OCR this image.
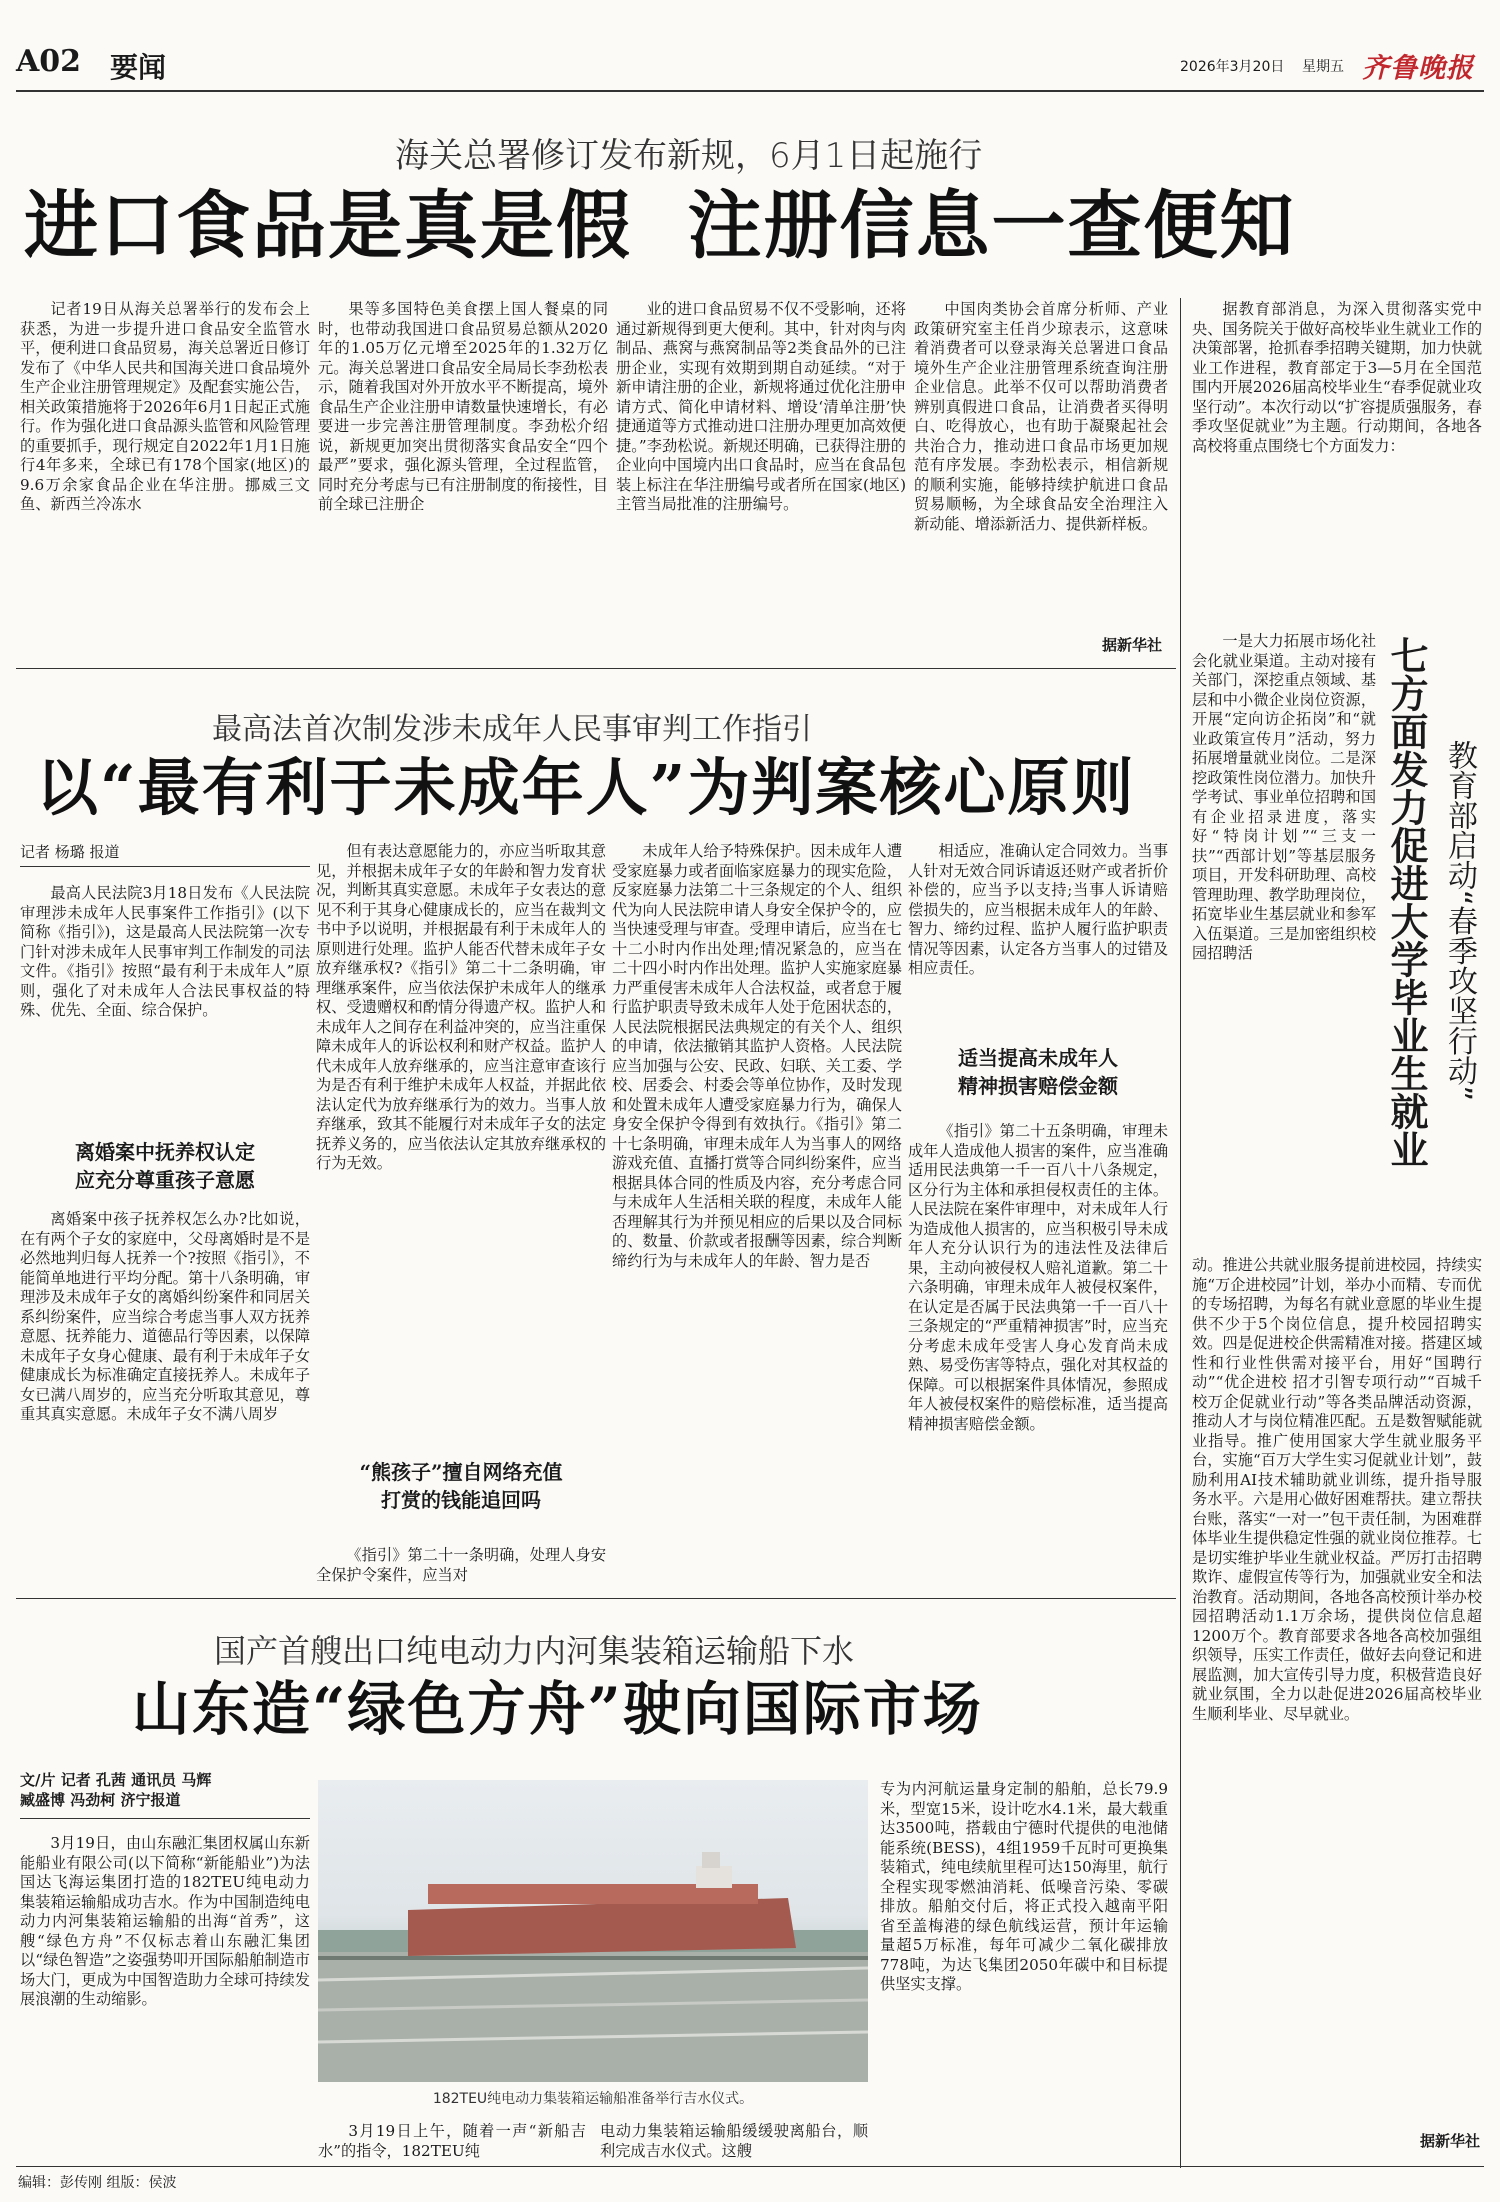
A02 要闻	2026年3月20日 星期五 齐鲁晚报
海关总署修订发布新规，6月1日起施行
进口食品是真是假  注册信息一查便知

记者19日从海关总署举行的发布会上获悉，为进一步提升进口食品安全监管水平，便利进口食品贸易，海关总署近日修订发布了《中华人民共和国海关进口食品境外生产企业注册管理规定》及配套实施公告，相关政策措施将于2026年6月1日起正式施行。作为强化进口食品源头监管和风险管理的重要抓手，现行规定自2022年1月1日施行4年多来，全球已有178个国家(地区)的9.6万余家食品企业在华注册。挪威三文鱼、新西兰冷冻水

果等多国特色美食摆上国人餐桌的同时，也带动我国进口食品贸易总额从2020年的1.05万亿元增至2025年的1.32万亿元。海关总署进口食品安全局局长李劲松表示，随着我国对外开放水平不断提高，境外食品生产企业注册申请数量快速增长，有必要进一步完善注册管理制度。李劲松介绍说，新规更加突出贯彻落实食品安全“四个最严”要求，强化源头管理，全过程监管，同时充分考虑与已有注册制度的衔接性，目前全球已注册企

业的进口食品贸易不仅不受影响，还将通过新规得到更大便利。其中，针对肉与肉制品、燕窝与燕窝制品等2类食品外的已注册企业，实现有效期到期自动延续。“对于新申请注册的企业，新规将通过优化注册申请方式、简化申请材料、增设‘清单注册’快捷通道等方式推动进口注册办理更加高效便捷。”李劲松说。新规还明确，已获得注册的企业向中国境内出口食品时，应当在食品包装上标注在华注册编号或者所在国家(地区)主管当局批准的注册编号。

中国肉类协会首席分析师、产业政策研究室主任肖少琼表示，这意味着消费者可以登录海关总署进口食品境外生产企业注册管理系统查询注册企业信息。此举不仅可以帮助消费者辨别真假进口食品，让消费者买得明白、吃得放心，也有助于凝聚起社会共治合力，推动进口食品市场更加规范有序发展。李劲松表示，相信新规的顺利实施，能够持续护航进口食品贸易顺畅，为全球食品安全治理注入新动能、增添新活力、提供新样板。

据新华社
最高法首次制发涉未成年人民事审判工作指引
以“最有利于未成年人”为判案核心原则
记者 杨璐 报道

最高人民法院3月18日发布《人民法院审理涉未成年人民事案件工作指引》(以下简称《指引》)，这是最高人民法院第一次专门针对涉未成年人民事审判工作制发的司法文件。《指引》按照“最有利于未成年人”原则，强化了对未成年人合法民事权益的特殊、优先、全面、综合保护。

离婚案中抚养权认定
应充分尊重孩子意愿

离婚案中孩子抚养权怎么办?比如说，在有两个子女的家庭中，父母离婚时是不是必然地判归每人抚养一个?按照《指引》，不能简单地进行平均分配。第十八条明确，审理涉及未成年子女的离婚纠纷案件和同居关系纠纷案件，应当综合考虑当事人双方抚养意愿、抚养能力、道德品行等因素，以保障未成年子女身心健康、最有利于未成年子女健康成长为标准确定直接抚养人。未成年子女已满八周岁的，应当充分听取其意见，尊重其真实意愿。未成年子女不满八周岁

但有表达意愿能力的，亦应当听取其意见，并根据未成年子女的年龄和智力发育状况，判断其真实意愿。未成年子女表达的意见不利于其身心健康成长的，应当在裁判文书中予以说明，并根据最有利于未成年人的原则进行处理。监护人能否代替未成年子女放弃继承权?《指引》第二十二条明确，审理继承案件，应当依法保护未成年人的继承权、受遗赠权和酌情分得遗产权。监护人和未成年人之间存在利益冲突的，应当注重保障未成年人的诉讼权利和财产权益。监护人代未成年人放弃继承的，应当注意审查该行为是否有利于维护未成年人权益，并据此依法认定代为放弃继承行为的效力。当事人放弃继承，致其不能履行对未成年子女的法定抚养义务的，应当依法认定其放弃继承权的行为无效。

“熊孩子”擅自网络充值
打赏的钱能追回吗

《指引》第二十一条明确，处理人身安全保护令案件，应当对

未成年人给予特殊保护。因未成年人遭受家庭暴力或者面临家庭暴力的现实危险，反家庭暴力法第二十三条规定的个人、组织代为向人民法院申请人身安全保护令的，应当快速受理与审查。受理申请后，应当在七十二小时内作出处理;情况紧急的，应当在二十四小时内作出处理。监护人实施家庭暴力严重侵害未成年人合法权益，或者怠于履行监护职责导致未成年人处于危困状态的，人民法院根据民法典规定的有关个人、组织的申请，依法撤销其监护人资格。人民法院应当加强与公安、民政、妇联、关工委、学校、居委会、村委会等单位协作，及时发现和处置未成年人遭受家庭暴力行为，确保人身安全保护令得到有效执行。《指引》第二十七条明确，审理未成年人为当事人的网络游戏充值、直播打赏等合同纠纷案件，应当根据具体合同的性质及内容，充分考虑合同与未成年人生活相关联的程度，未成年人能否理解其行为并预见相应的后果以及合同标的、数量、价款或者报酬等因素，综合判断缔约行为与未成年人的年龄、智力是否

相适应，准确认定合同效力。当事人针对无效合同诉请返还财产或者折价补偿的，应当予以支持;当事人诉请赔偿损失的，应当根据未成年人的年龄、智力、缔约过程、监护人履行监护职责情况等因素，认定各方当事人的过错及相应责任。

适当提高未成年人
精神损害赔偿金额

《指引》第二十五条明确，审理未成年人造成他人损害的案件，应当准确适用民法典第一千一百八十八条规定，区分行为主体和承担侵权责任的主体。人民法院在案件审理中，对未成年人行为造成他人损害的，应当积极引导未成年人充分认识行为的违法性及法律后果，主动向被侵权人赔礼道歉。第二十六条明确，审理未成年人被侵权案件，在认定是否属于民法典第一千一百八十三条规定的“严重精神损害”时，应当充分考虑未成年受害人身心发育尚未成熟、易受伤害等特点，强化对其权益的保障。可以根据案件具体情况，参照成年人被侵权案件的赔偿标准，适当提高精神损害赔偿金额。

国产首艘出口纯电动力内河集装箱运输船下水
山东造“绿色方舟”驶向国际市场
文/片 记者 孔茜 通讯员 马辉
臧盛博 冯劲柯 济宁报道

3月19日，由山东融汇集团权属山东新能船业有限公司(以下简称“新能船业”)为法国达飞海运集团打造的182TEU纯电动力集装箱运输船成功吉水。作为中国制造纯电动力内河集装箱运输船的出海“首秀”，这艘“绿色方舟”不仅标志着山东融汇集团以“绿色智造”之姿强势叩开国际船舶制造市场大门，更成为中国智造助力全球可持续发展浪潮的生动缩影。

182TEU纯电动力集装箱运输船准备举行吉水仪式。

3月19日上午，随着一声“新船吉水”的指令，182TEU纯

电动力集装箱运输船缓缓驶离船台，顺利完成吉水仪式。这艘

专为内河航运量身定制的船舶，总长79.9米，型宽15米，设计吃水4.1米，最大载重达3500吨，搭载由宁德时代提供的电池储能系统(BESS)，4组1959千瓦时可更换集装箱式，纯电续航里程可达150海里，航行全程实现零燃油消耗、低噪音污染、零碳排放。船舶交付后，将正式投入越南平阳省至盖梅港的绿色航线运营，预计年运输量超5万标准，每年可减少二氧化碳排放778吨，为达飞集团2050年碳中和目标提供坚实支撑。

据教育部消息，为深入贯彻落实党中央、国务院关于做好高校毕业生就业工作的决策部署，抢抓春季招聘关键期，加力快就业工作进程，教育部定于3—5月在全国范围内开展2026届高校毕业生“春季促就业攻坚行动”。本次行动以“扩容提质强服务，春季攻坚促就业”为主题。行动期间，各地各高校将重点围绕七个方面发力：

七方面发力促进大学毕业生就业 教育部启动“春季攻坚行动”

一是大力拓展市场化社会化就业渠道。主动对接有关部门，深挖重点领域、基层和中小微企业岗位资源，开展“定向访企拓岗”和“就业政策宣传月”活动，努力拓展增量就业岗位。二是深挖政策性岗位潜力。加快升学考试、事业单位招聘和国有企业招录进度，落实好“特岗计划”“三支一扶”“西部计划”等基层服务项目，开发科研助理、高校管理助理、教学助理岗位，拓宽毕业生基层就业和参军入伍渠道。三是加密组织校园招聘活

动。推进公共就业服务提前进校园，持续实施“万企进校园”计划，举办小而精、专而优的专场招聘，为每名有就业意愿的毕业生提供不少于5个岗位信息，提升校园招聘实效。四是促进校企供需精准对接。搭建区域性和行业性供需对接平台，用好“国聘行动”“优企进校 招才引智专项行动”“百城千校万企促就业行动”等各类品牌活动资源，推动人才与岗位精准匹配。五是数智赋能就业指导。推广使用国家大学生就业服务平台，实施“百万大学生实习促就业计划”，鼓励利用AI技术辅助就业训练，提升指导服务水平。六是用心做好困难帮扶。建立帮扶台账，落实“一对一”包干责任制，为困难群体毕业生提供稳定性强的就业岗位推荐。七是切实维护毕业生就业权益。严厉打击招聘欺诈、虚假宣传等行为，加强就业安全和法治教育。活动期间，各地各高校预计举办校园招聘活动1.1万余场，提供岗位信息超1200万个。教育部要求各地各高校加强组织领导，压实工作责任，做好去向登记和进展监测，加大宣传引导力度，积极营造良好就业氛围，全力以赴促进2026届高校毕业生顺利毕业、尽早就业。

据新华社
编辑：彭传刚 组版：侯波
